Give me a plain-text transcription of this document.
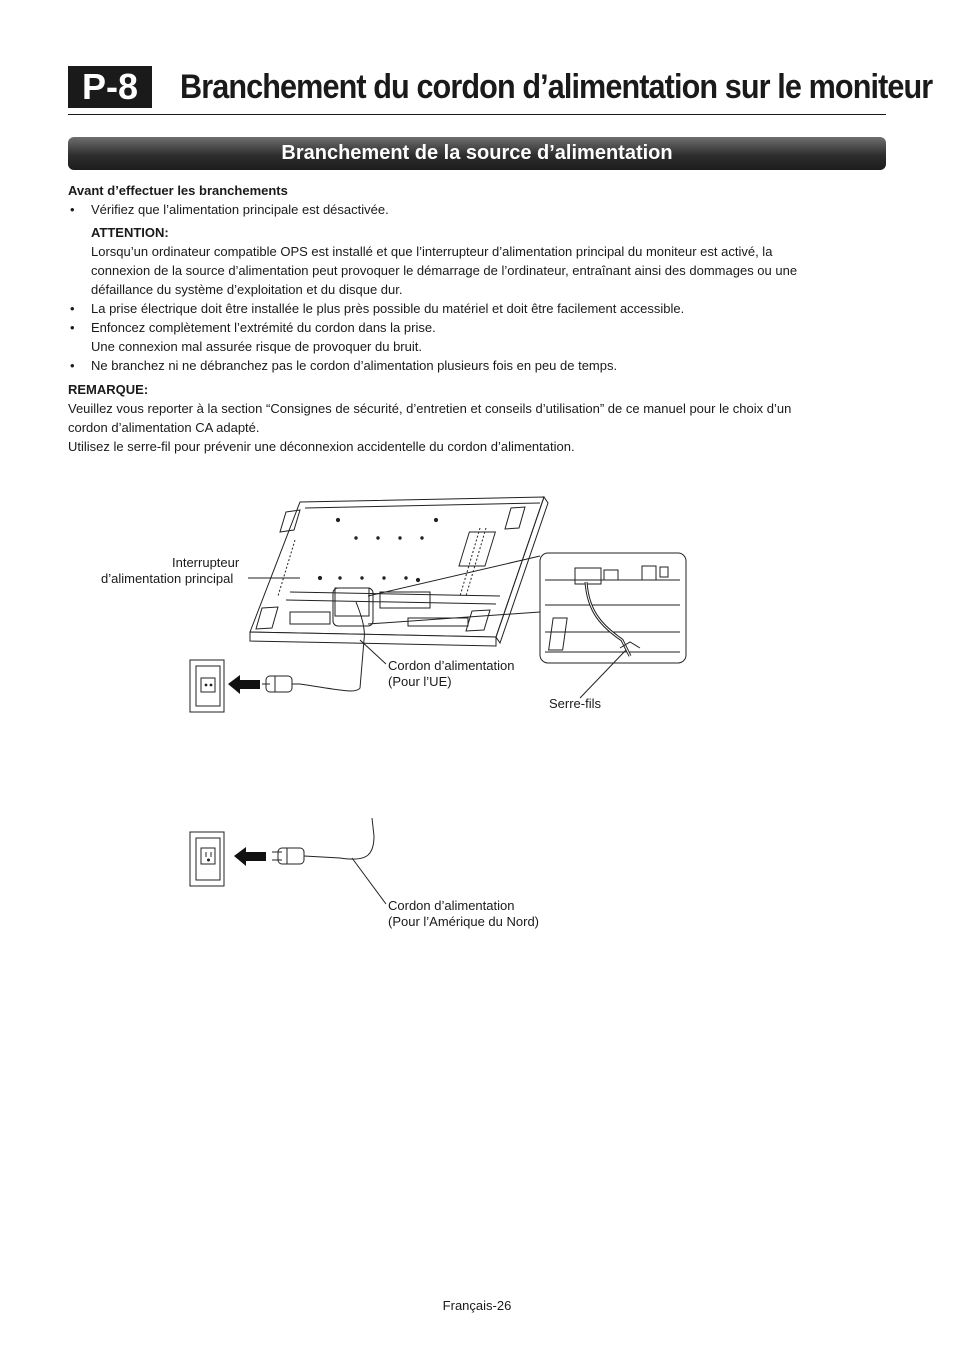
P-8	Branchement du cordon d’alimentation sur le moniteur
Branchement de la source d’alimentation

Avant d’effectuer les branchements

• Vérifiez que l’alimentation principale est désactivée.

ATTENTION:

Lorsqu’un ordinateur compatible OPS est installé et que l’interrupteur d’alimentation principal du moniteur est activé, la

connexion de la source d’alimentation peut provoquer le démarrage de l’ordinateur, entraînant ainsi des dommages ou une

défaillance du système d’exploitation et du disque dur.

• La prise électrique doit être installée le plus près possible du matériel et doit être facilement accessible.

• Enfoncez complètement l’extrémité du cordon dans la prise.

Une connexion mal assurée risque de provoquer du bruit.

• Ne branchez ni ne débranchez pas le cordon d’alimentation plusieurs fois en peu de temps.

REMARQUE:

Veuillez vous reporter à la section “Consignes de sécurité, d’entretien et conseils d’utilisation” de ce manuel pour le choix d’un

cordon d’alimentation CA adapté.

Utilisez le serre-fil pour prévenir une déconnexion accidentelle du cordon d’alimentation.

Interrupteur
d’alimentation principal
Cordon d’alimentation
(Pour l’UE)
Serre-fils
Cordon d’alimentation
(Pour l’Amérique du Nord)
Français-26
